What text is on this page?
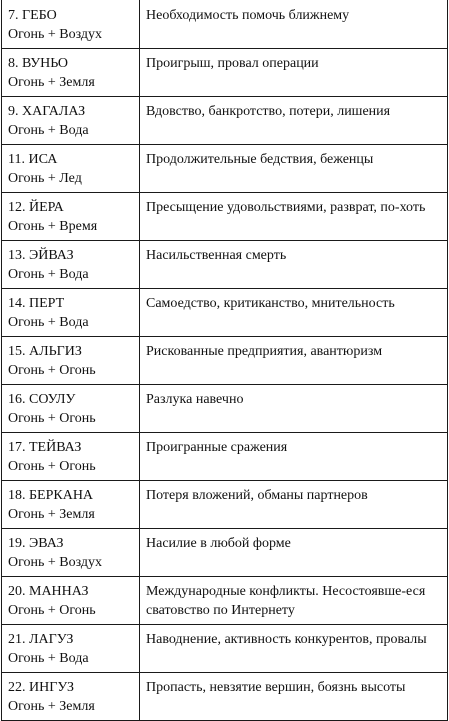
7. ГЕБО
Огонь + Воздух	Необходимость помочь ближнему

8. ВУНЬО
Огонь + Земля	Проигрыш, провал операции

9. ХАГАЛАЗ
Огонь + Вода	Вдовство, банкротство, потери, лишения

11. ИСА
Огонь + Лед	Продолжительные бедствия, беженцы

12. ЙЕРА
Огонь + Время	Пресыщение удовольствиями, разврат, по-хоть

13. ЭЙВАЗ
Огонь + Вода	Насильственная смерть

14. ПЕРТ
Огонь + Вода	Самоедство, критиканство, мнительность

15. АЛЬГИЗ
Огонь + Огонь	Рискованные предприятия, авантюризм

16. СОУЛУ
Огонь + Огонь	Разлука навечно

17. ТЕЙВАЗ
Огонь + Огонь	Проигранные сражения

18. БЕРКАНА
Огонь + Земля	Потеря вложений, обманы партнеров

19. ЭВАЗ
Огонь + Воздух	Насилие в любой форме

20. МАННАЗ
Огонь + Огонь	Международные конфликты. Несостоявше-еся сватовство по Интернету

21. ЛАГУЗ
Огонь + Вода	Наводнение, активность конкурентов, провалы

22. ИНГУЗ
Огонь + Земля	Пропасть, невзятие вершин, боязнь высоты
